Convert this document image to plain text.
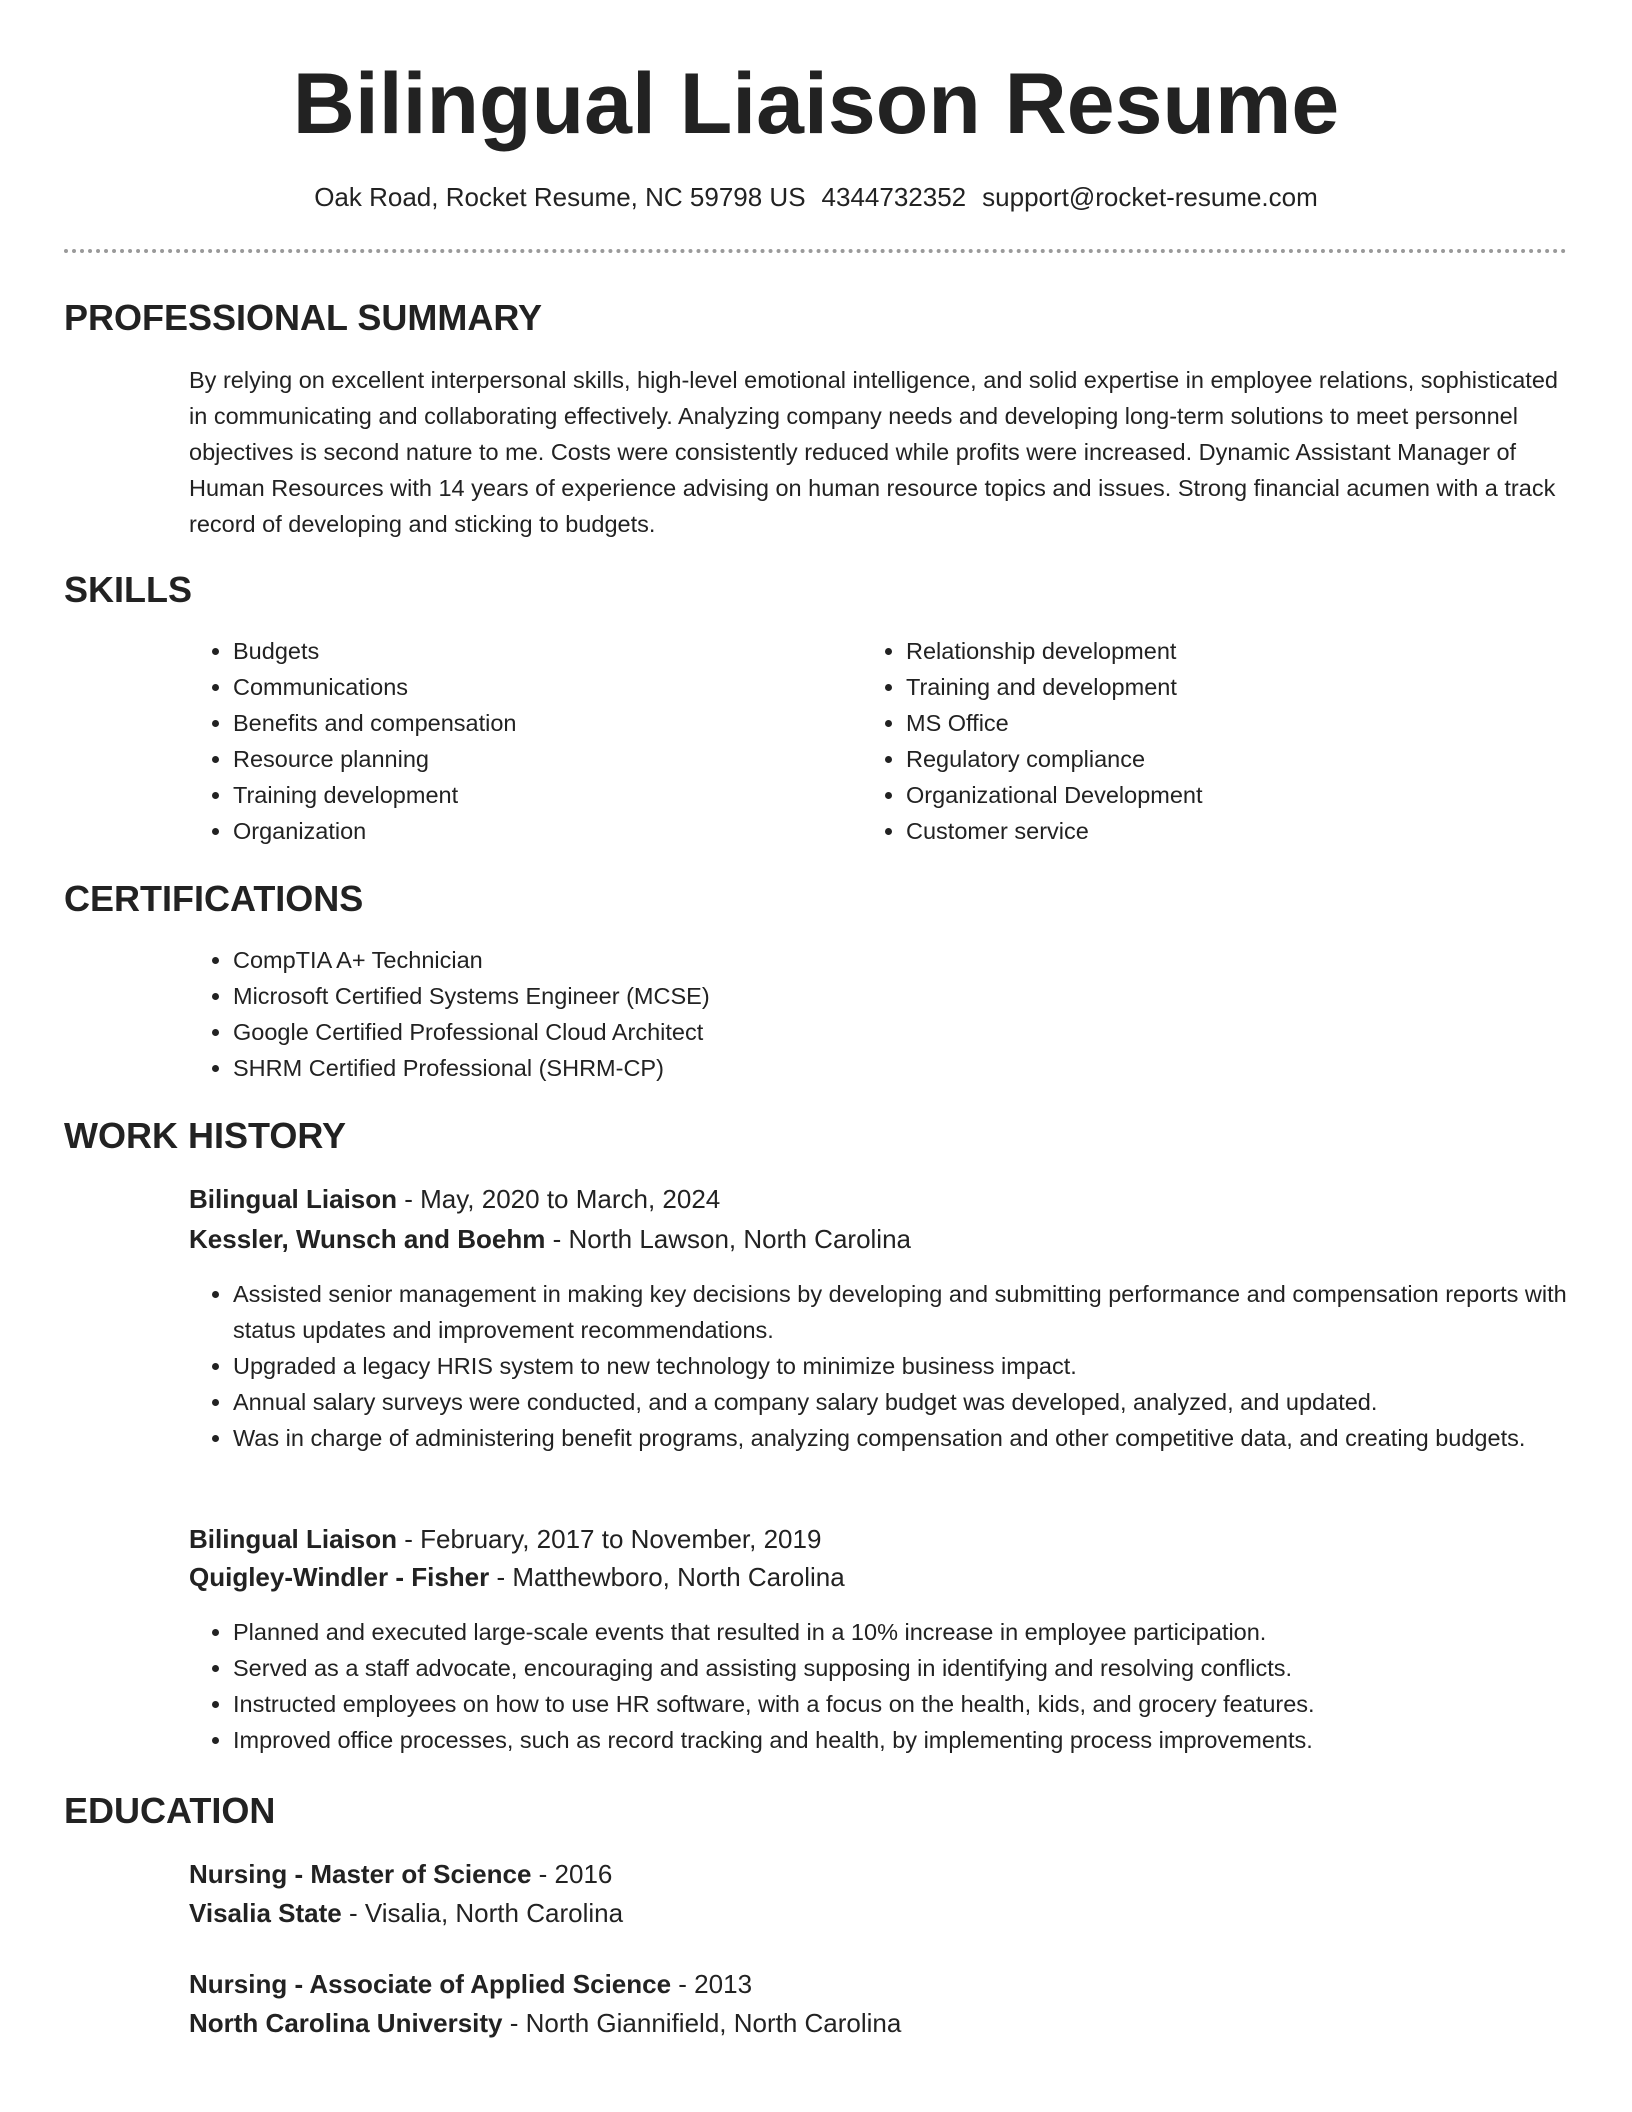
Bilingual Liaison Resume
Oak Road, Rocket Resume, NC 59798 US 4344732352 support@rocket-resume.com
PROFESSIONAL SUMMARY

By relying on excellent interpersonal skills, high-level emotional intelligence, and solid expertise in employee relations, sophisticated in communicating and collaborating effectively. Analyzing company needs and developing long-term solutions to meet personnel objectives is second nature to me. Costs were consistently reduced while profits were increased. Dynamic Assistant Manager of Human Resources with 14 years of experience advising on human resource topics and issues. Strong financial acumen with a track record of developing and sticking to budgets.

SKILLS
• Budgets
• Communications
• Benefits and compensation
• Resource planning
• Training development
• Organization
• Relationship development
• Training and development
• MS Office
• Regulatory compliance
• Organizational Development
• Customer service
CERTIFICATIONS
• CompTIA A+ Technician
• Microsoft Certified Systems Engineer (MCSE)
• Google Certified Professional Cloud Architect
• SHRM Certified Professional (SHRM-CP)
WORK HISTORY
Bilingual Liaison - May, 2020 to March, 2024
Kessler, Wunsch and Boehm - North Lawson, North Carolina
• Assisted senior management in making key decisions by developing and submitting performance and compensation reports with status updates and improvement recommendations.
• Upgraded a legacy HRIS system to new technology to minimize business impact.
• Annual salary surveys were conducted, and a company salary budget was developed, analyzed, and updated.
• Was in charge of administering benefit programs, analyzing compensation and other competitive data, and creating budgets.
Bilingual Liaison - February, 2017 to November, 2019
Quigley-Windler - Fisher - Matthewboro, North Carolina
• Planned and executed large-scale events that resulted in a 10% increase in employee participation.
• Served as a staff advocate, encouraging and assisting supposing in identifying and resolving conflicts.
• Instructed employees on how to use HR software, with a focus on the health, kids, and grocery features.
• Improved office processes, such as record tracking and health, by implementing process improvements.
EDUCATION
Nursing - Master of Science - 2016
Visalia State - Visalia, North Carolina
Nursing - Associate of Applied Science - 2013
North Carolina University - North Giannifield, North Carolina
